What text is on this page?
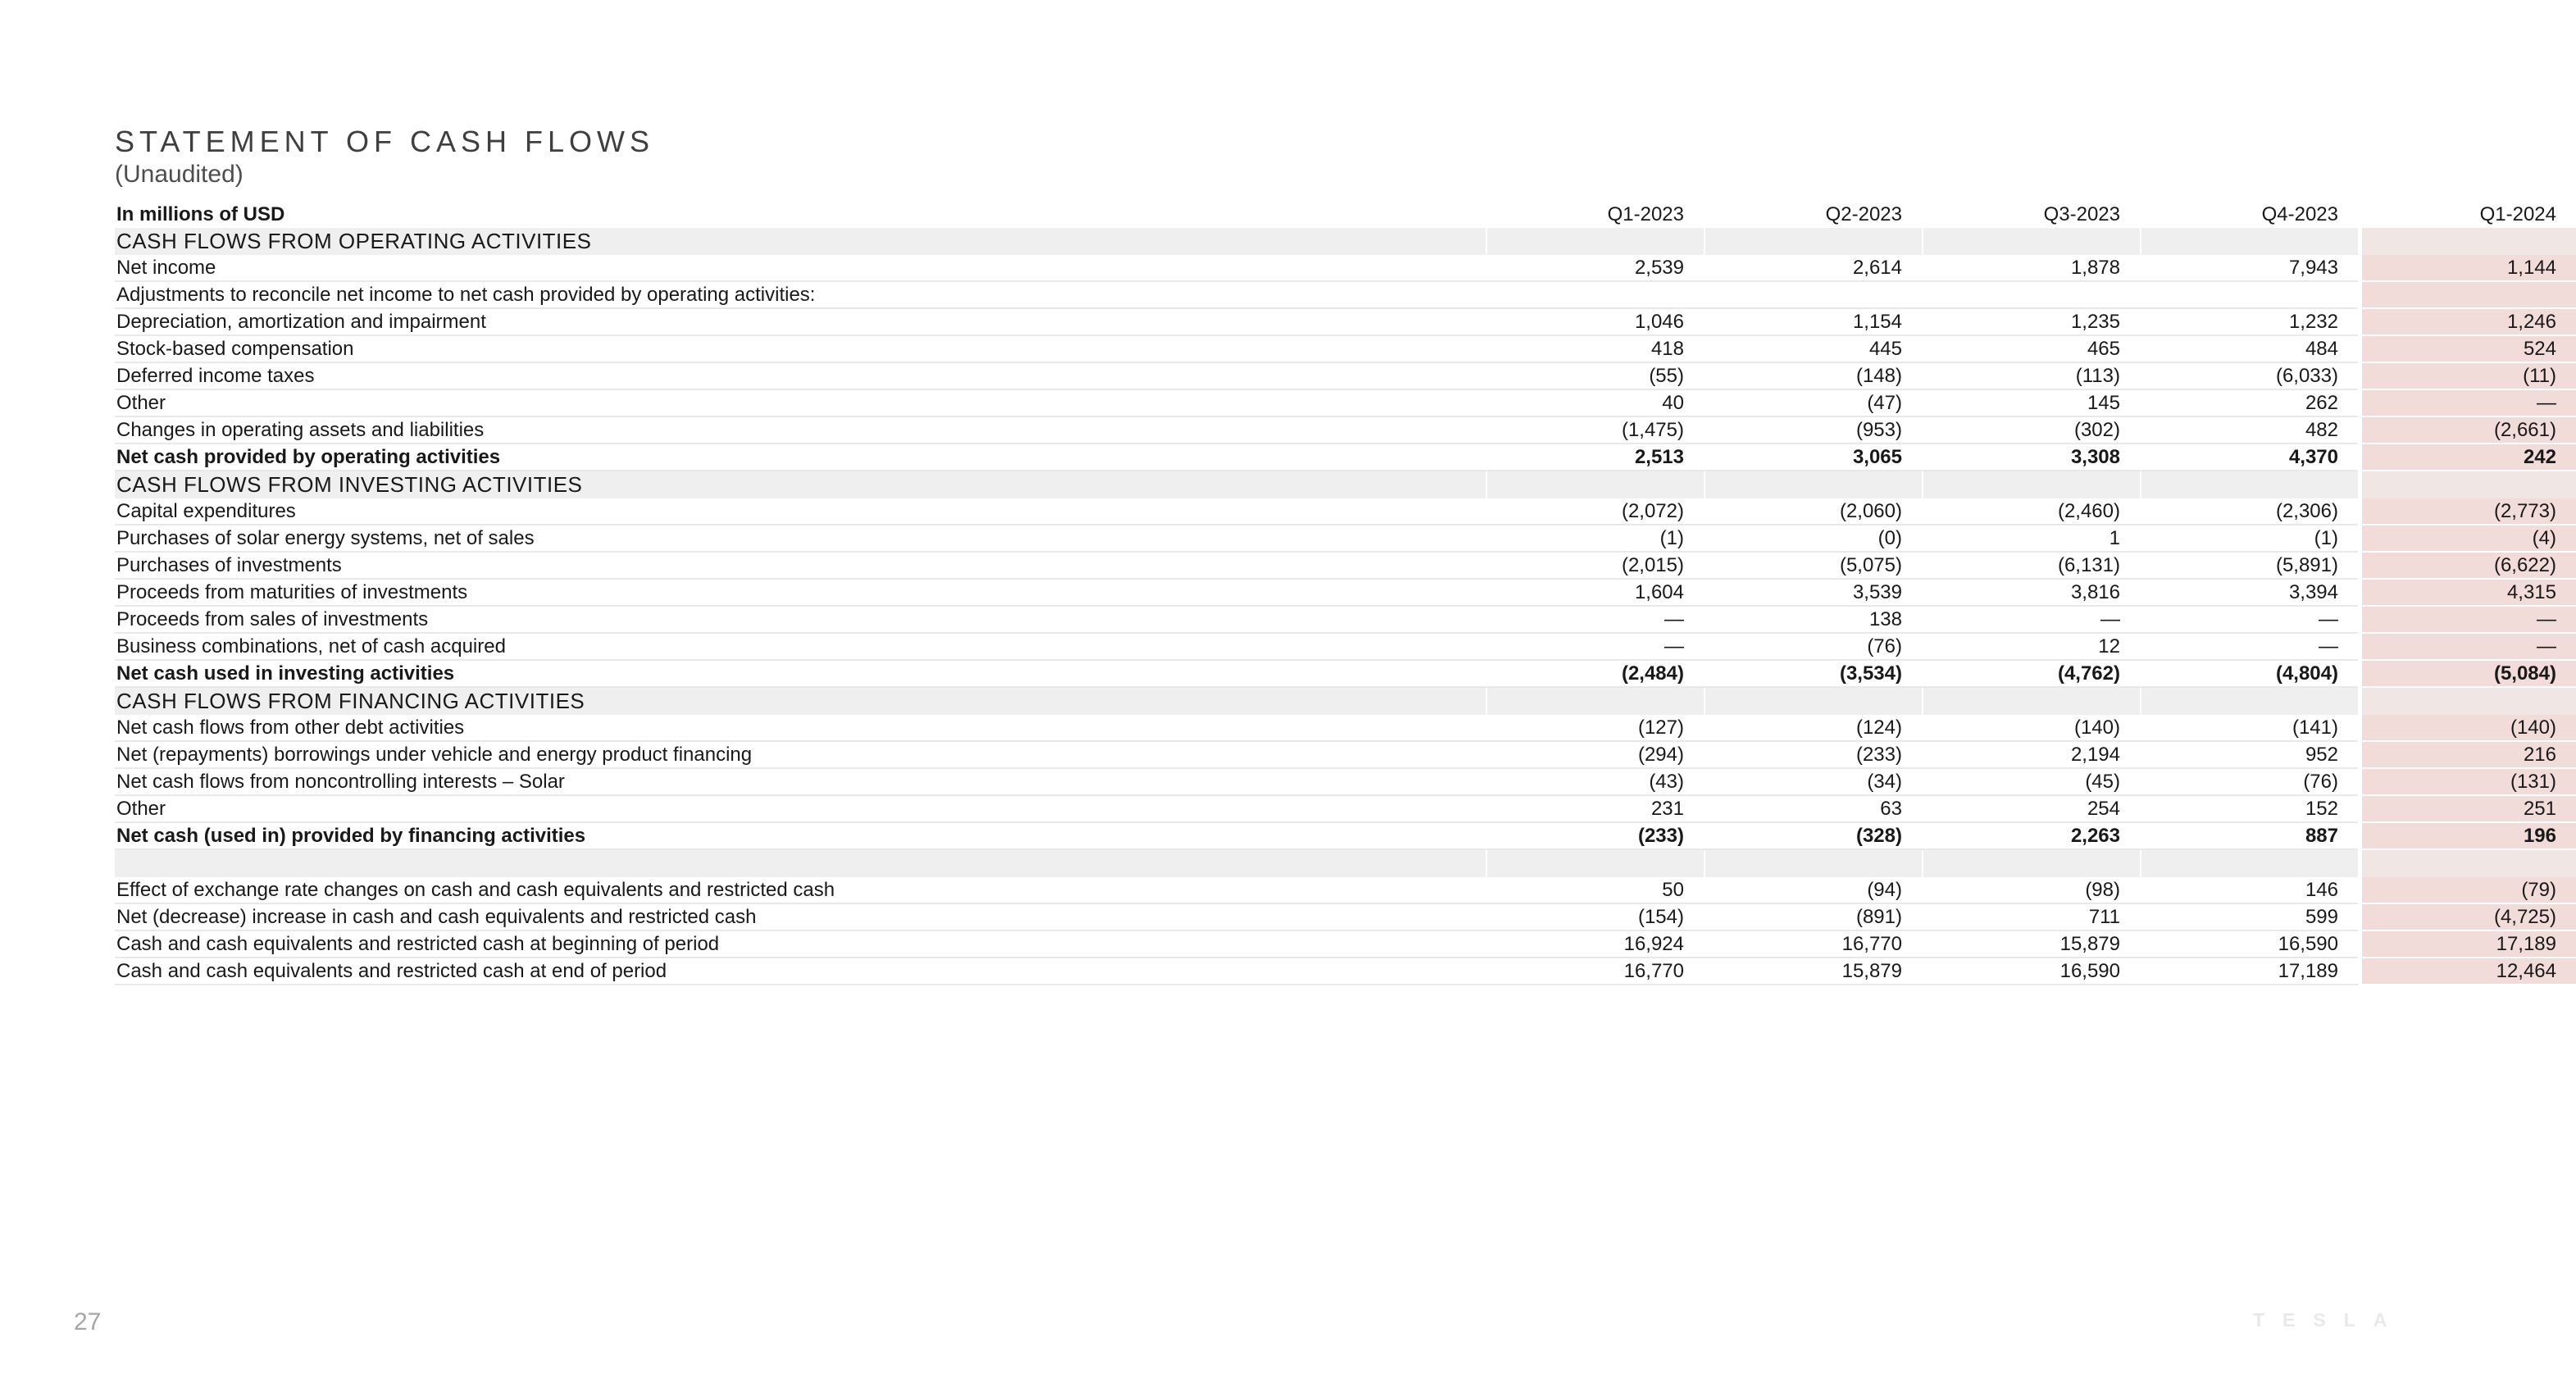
STATEMENT OF CASH FLOWS
(Unaudited)
In millions of USD	Q1-2023	Q2-2023	Q3-2023	Q4-2023	Q1-2024
CASH FLOWS FROM OPERATING ACTIVITIES
Net income	2,539	2,614	1,878	7,943	1,144
Adjustments to reconcile net income to net cash provided by operating activities:
Depreciation, amortization and impairment	1,046	1,154	1,235	1,232	1,246
Stock-based compensation	418	445	465	484	524
Deferred income taxes	(55)	(148)	(113)	(6,033)	(11)
Other	40	(47)	145	262	—
Changes in operating assets and liabilities	(1,475)	(953)	(302)	482	(2,661)
Net cash provided by operating activities	2,513	3,065	3,308	4,370	242
CASH FLOWS FROM INVESTING ACTIVITIES
Capital expenditures	(2,072)	(2,060)	(2,460)	(2,306)	(2,773)
Purchases of solar energy systems, net of sales	(1)	(0)	1	(1)	(4)
Purchases of investments	(2,015)	(5,075)	(6,131)	(5,891)	(6,622)
Proceeds from maturities of investments	1,604	3,539	3,816	3,394	4,315
Proceeds from sales of investments	—	138	—	—	—
Business combinations, net of cash acquired	—	(76)	12	—	—
Net cash used in investing activities	(2,484)	(3,534)	(4,762)	(4,804)	(5,084)
CASH FLOWS FROM FINANCING ACTIVITIES
Net cash flows from other debt activities	(127)	(124)	(140)	(141)	(140)
Net (repayments) borrowings under vehicle and energy product financing	(294)	(233)	2,194	952	216
Net cash flows from noncontrolling interests – Solar	(43)	(34)	(45)	(76)	(131)
Other	231	63	254	152	251
Net cash (used in) provided by financing activities	(233)	(328)	2,263	887	196
Effect of exchange rate changes on cash and cash equivalents and restricted cash	50	(94)	(98)	146	(79)
Net (decrease) increase in cash and cash equivalents and restricted cash	(154)	(891)	711	599	(4,725)
Cash and cash equivalents and restricted cash at beginning of period	16,924	16,770	15,879	16,590	17,189
Cash and cash equivalents and restricted cash at end of period	16,770	15,879	16,590	17,189	12,464
27	TESLA
